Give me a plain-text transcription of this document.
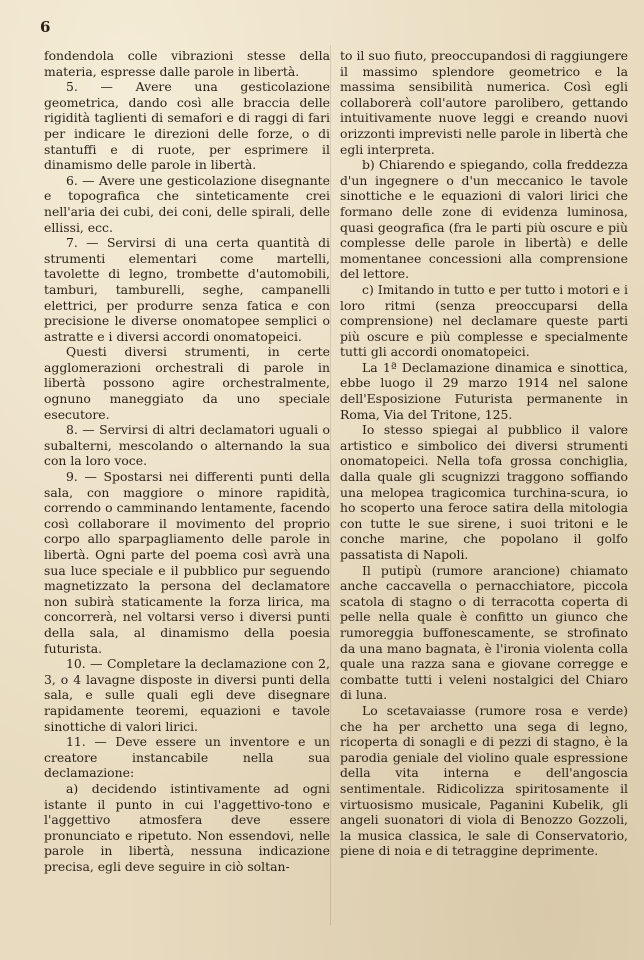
6

fondendola colle vibrazioni stesse della materia, espresse dalle parole in libertà.

5. — Avere una gesticolazione geometrica, dando così alle braccia delle rigidità taglienti di semafori e di raggi di fari per indicare le direzioni delle forze, o di stantuffi e di ruote, per esprimere il dinamismo delle parole in libertà.

6. — Avere une gesticolazione disegnante e topografica che sinteticamente crei nell'aria dei cubi, dei coni, delle spirali, delle ellissi, ecc.

7. — Servirsi di una certa quantità di strumenti elementari come martelli, tavolette di legno, trombette d'automobili, tamburi, tamburelli, seghe, campanelli elettrici, per produrre senza fatica e con precisione le diverse onomatopee semplici o astratte e i diversi accordi onomatopeici.

Questi diversi strumenti, in certe agglomerazioni orchestrali di parole in libertà possono agire orchestralmente, ognuno maneggiato da uno speciale esecutore.

8. — Servirsi di altri declamatori uguali o subalterni, mescolando o alternando la sua con la loro voce.

9. — Spostarsi nei differenti punti della sala, con maggiore o minore rapidità, correndo o camminando lentamente, facendo così collaborare il movimento del proprio corpo allo sparpagliamento delle parole in libertà. Ogni parte del poema così avrà una sua luce speciale e il pubblico pur seguendo magnetizzato la persona del declamatore non subirà staticamente la forza lirica, ma concorrerà, nel voltarsi verso i diversi punti della sala, al dinamismo della poesia futurista.

10. — Completare la declamazione con 2, 3, o 4 lavagne disposte in diversi punti della sala, e sulle quali egli deve disegnare rapidamente teoremi, equazioni e tavole sinottiche di valori lirici.

11. — Deve essere un inventore e un creatore instancabile nella sua declamazione:

a) decidendo istintivamente ad ogni istante il punto in cui l'aggettivo-tono e l'aggettivo atmosfera deve essere pronunciato e ripetuto. Non essendovi, nelle parole in libertà, nessuna indicazione precisa, egli deve seguire in ciò soltan-

to il suo fiuto, preoccupandosi di raggiungere il massimo splendore geometrico e la massima sensibilità numerica. Così egli collaborerà coll'autore parolibero, gettando intuitivamente nuove leggi e creando nuovi orizzonti imprevisti nelle parole in libertà che egli interpreta.

b) Chiarendo e spiegando, colla freddezza d'un ingegnere o d'un meccanico le tavole sinottiche e le equazioni di valori lirici che formano delle zone di evidenza luminosa, quasi geografica (fra le parti più oscure e più complesse delle parole in libertà) e delle momentanee concessioni alla comprensione del lettore.

c) Imitando in tutto e per tutto i motori e i loro ritmi (senza preoccuparsi della comprensione) nel declamare queste parti più oscure e più complesse e specialmente tutti gli accordi onomatopeici.

La 1ª Declamazione dinamica e sinottica, ebbe luogo il 29 marzo 1914 nel salone dell'Esposizione Futurista permanente in Roma, Via del Tritone, 125.

Io stesso spiegai al pubblico il valore artistico e simbolico dei diversi strumenti onomatopeici. Nella tofa grossa conchiglia, dalla quale gli scugnizzi traggono soffiando una melopea tragicomica turchina-scura, io ho scoperto una feroce satira della mitologia con tutte le sue sirene, i suoi tritoni e le conche marine, che popolano il golfo passatista di Napoli.

Il putipù (rumore arancione) chiamato anche caccavella o pernacchiatore, piccola scatola di stagno o di terracotta coperta di pelle nella quale è confitto un giunco che rumoreggia buffonescamente, se strofinato da una mano bagnata, è l'ironia violenta colla quale una razza sana e giovane corregge e combatte tutti i veleni nostalgici del Chiaro di luna.

Lo scetavaiasse (rumore rosa e verde) che ha per archetto una sega di legno, ricoperta di sonagli e di pezzi di stagno, è la parodia geniale del violino quale espressione della vita interna e dell'angoscia sentimentale. Ridicolizza spiritosamente il virtuosismo musicale, Paganini Kubelik, gli angeli suonatori di viola di Benozzo Gozzoli, la musica classica, le sale di Conservatorio, piene di noia e di tetraggine deprimente.
